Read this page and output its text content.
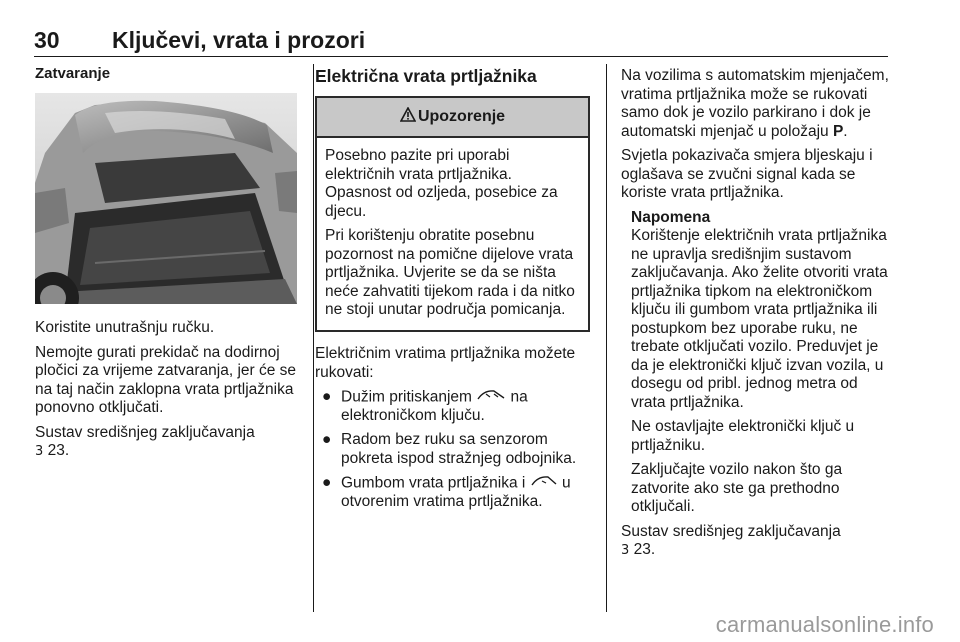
30 Ključevi, vrata i prozori

Zatvaranje

Koristite unutrašnju ručku.

Nemojte gurati prekidač na dodirnoj pločici za vrijeme zatvaranja, jer će se na taj način zaklopna vrata prtljažnika ponovno otključati.

Sustav središnjeg zaključavanja
3 23.

Električna vrata prtljažnika

Upozorenje

Posebno pazite pri uporabi električnih vrata prtljažnika. Opasnost od ozljeda, posebice za djecu.

Pri korištenju obratite posebnu pozornost na pomične dijelove vrata prtljažnika. Uvjerite se da se ništa neće zahvatiti tijekom rada i da nitko ne stoji unutar područja pomicanja.

Električnim vratima prtljažnika možete rukovati:

● Dužim pritiskanjem na elektroničkom ključu.
● Radom bez ruku sa senzorom pokreta ispod stražnjeg odbojnika.
● Gumbom vrata prtljažnika i u otvorenim vratima prtljažnika.

Na vozilima s automatskim mjenjačem, vratima prtljažnika može se rukovati samo dok je vozilo parkirano i dok je automatski mjenjač u položaju P.

Svjetla pokazivača smjera bljeskaju i oglašava se zvučni signal kada se koriste vrata prtljažnika.

Napomena

Korištenje električnih vrata prtljažnika ne upravlja središnjim sustavom zaključavanja. Ako želite otvoriti vrata prtljažnika tipkom na elektroničkom ključu ili gumbom vrata prtljažnika ili postupkom bez uporabe ruku, ne trebate otključati vozilo. Preduvjet je da je elektronički ključ izvan vozila, u dosegu od pribl. jednog metra od vrata prtljažnika.

Ne ostavljajte elektronički ključ u prtljažniku.

Zaključajte vozilo nakon što ga zatvorite ako ste ga prethodno otključali.

Sustav središnjeg zaključavanja
3 23.

carmanualsonline.info
